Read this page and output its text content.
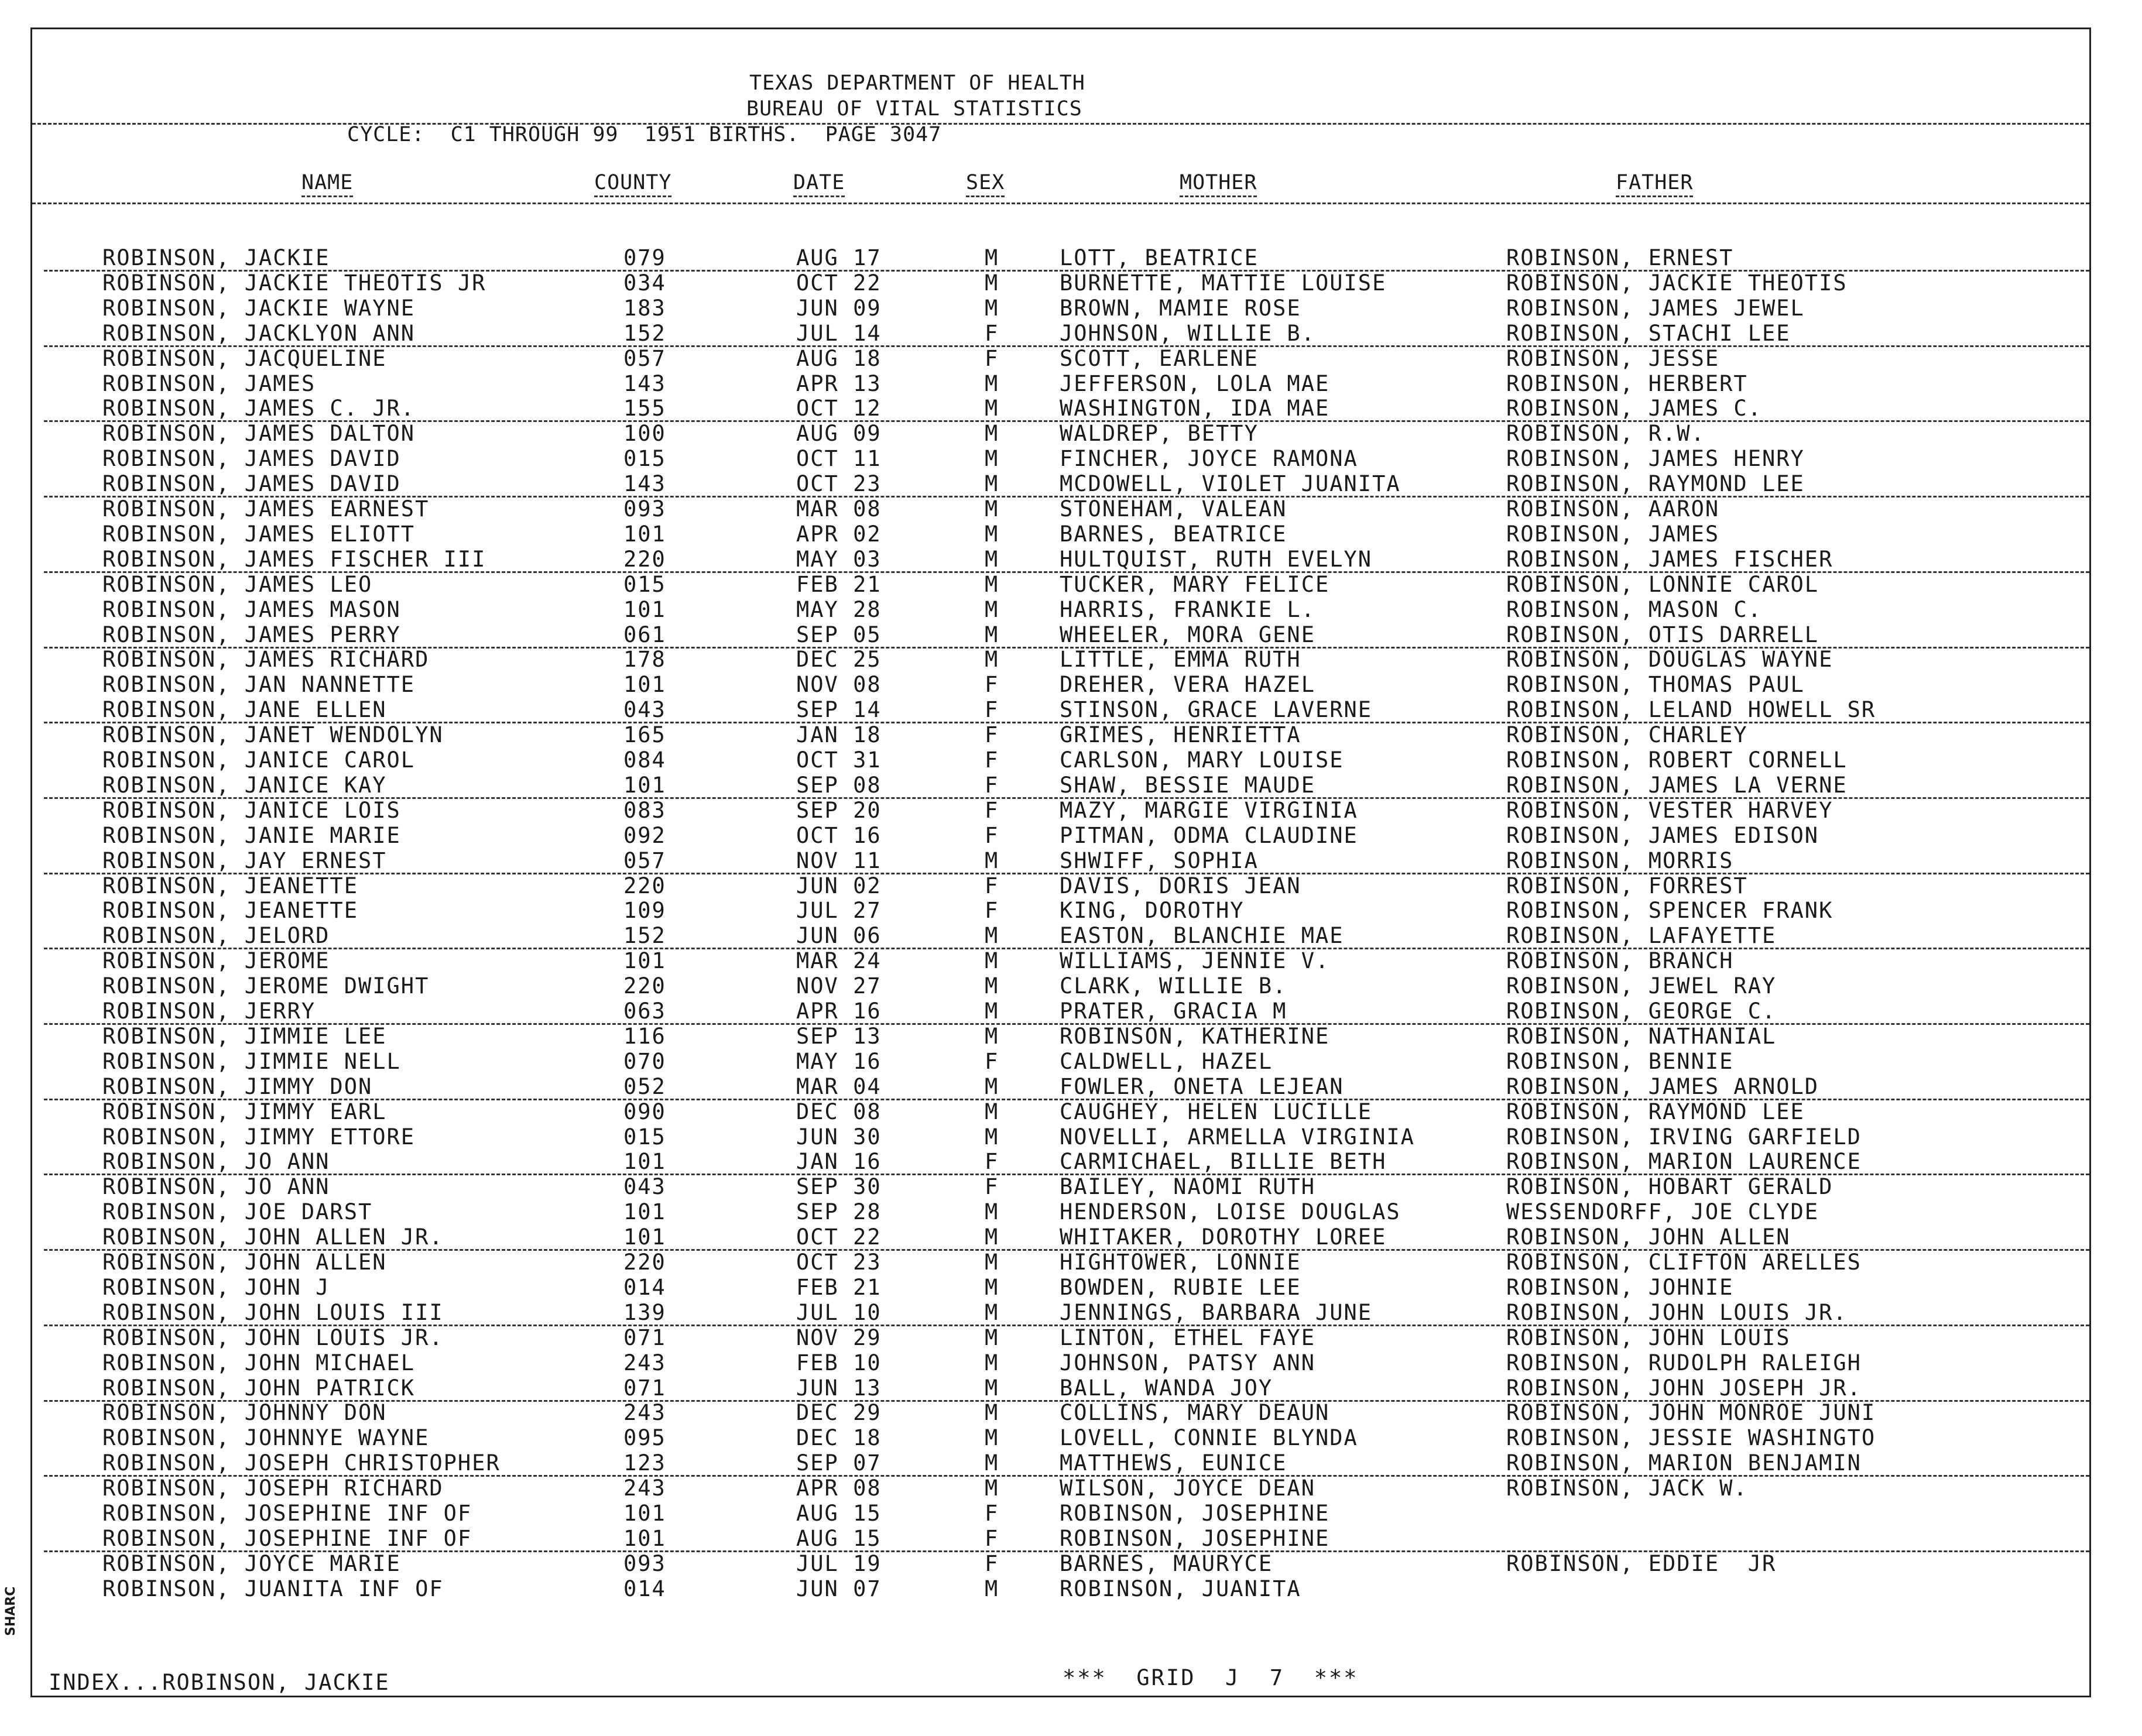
TEXAS DEPARTMENT OF HEALTH
BUREAU OF VITAL STATISTICS
CYCLE:  C1 THROUGH 99  1951 BIRTHS.  PAGE 3047
NAME	COUNTY	DATE	SEX	MOTHER	FATHER
ROBINSON, JACKIE	079	AUG 17	M	LOTT, BEATRICE	ROBINSON, ERNEST
ROBINSON, JACKIE THEOTIS JR	034	OCT 22	M	BURNETTE, MATTIE LOUISE	ROBINSON, JACKIE THEOTIS
ROBINSON, JACKIE WAYNE	183	JUN 09	M	BROWN, MAMIE ROSE	ROBINSON, JAMES JEWEL
ROBINSON, JACKLYON ANN	152	JUL 14	F	JOHNSON, WILLIE B.	ROBINSON, STACHI LEE
ROBINSON, JACQUELINE	057	AUG 18	F	SCOTT, EARLENE	ROBINSON, JESSE
ROBINSON, JAMES	143	APR 13	M	JEFFERSON, LOLA MAE	ROBINSON, HERBERT
ROBINSON, JAMES C. JR.	155	OCT 12	M	WASHINGTON, IDA MAE	ROBINSON, JAMES C.
ROBINSON, JAMES DALTON	100	AUG 09	M	WALDREP, BETTY	ROBINSON, R.W.
ROBINSON, JAMES DAVID	015	OCT 11	M	FINCHER, JOYCE RAMONA	ROBINSON, JAMES HENRY
ROBINSON, JAMES DAVID	143	OCT 23	M	MCDOWELL, VIOLET JUANITA	ROBINSON, RAYMOND LEE
ROBINSON, JAMES EARNEST	093	MAR 08	M	STONEHAM, VALEAN	ROBINSON, AARON
ROBINSON, JAMES ELIOTT	101	APR 02	M	BARNES, BEATRICE	ROBINSON, JAMES
ROBINSON, JAMES FISCHER III	220	MAY 03	M	HULTQUIST, RUTH EVELYN	ROBINSON, JAMES FISCHER
ROBINSON, JAMES LEO	015	FEB 21	M	TUCKER, MARY FELICE	ROBINSON, LONNIE CAROL
ROBINSON, JAMES MASON	101	MAY 28	M	HARRIS, FRANKIE L.	ROBINSON, MASON C.
ROBINSON, JAMES PERRY	061	SEP 05	M	WHEELER, MORA GENE	ROBINSON, OTIS DARRELL
ROBINSON, JAMES RICHARD	178	DEC 25	M	LITTLE, EMMA RUTH	ROBINSON, DOUGLAS WAYNE
ROBINSON, JAN NANNETTE	101	NOV 08	F	DREHER, VERA HAZEL	ROBINSON, THOMAS PAUL
ROBINSON, JANE ELLEN	043	SEP 14	F	STINSON, GRACE LAVERNE	ROBINSON, LELAND HOWELL SR
ROBINSON, JANET WENDOLYN	165	JAN 18	F	GRIMES, HENRIETTA	ROBINSON, CHARLEY
ROBINSON, JANICE CAROL	084	OCT 31	F	CARLSON, MARY LOUISE	ROBINSON, ROBERT CORNELL
ROBINSON, JANICE KAY	101	SEP 08	F	SHAW, BESSIE MAUDE	ROBINSON, JAMES LA VERNE
ROBINSON, JANICE LOIS	083	SEP 20	F	MAZY, MARGIE VIRGINIA	ROBINSON, VESTER HARVEY
ROBINSON, JANIE MARIE	092	OCT 16	F	PITMAN, ODMA CLAUDINE	ROBINSON, JAMES EDISON
ROBINSON, JAY ERNEST	057	NOV 11	M	SHWIFF, SOPHIA	ROBINSON, MORRIS
ROBINSON, JEANETTE	220	JUN 02	F	DAVIS, DORIS JEAN	ROBINSON, FORREST
ROBINSON, JEANETTE	109	JUL 27	F	KING, DOROTHY	ROBINSON, SPENCER FRANK
ROBINSON, JELORD	152	JUN 06	M	EASTON, BLANCHIE MAE	ROBINSON, LAFAYETTE
ROBINSON, JEROME	101	MAR 24	M	WILLIAMS, JENNIE V.	ROBINSON, BRANCH
ROBINSON, JEROME DWIGHT	220	NOV 27	M	CLARK, WILLIE B.	ROBINSON, JEWEL RAY
ROBINSON, JERRY	063	APR 16	M	PRATER, GRACIA M	ROBINSON, GEORGE C.
ROBINSON, JIMMIE LEE	116	SEP 13	M	ROBINSON, KATHERINE	ROBINSON, NATHANIAL
ROBINSON, JIMMIE NELL	070	MAY 16	F	CALDWELL, HAZEL	ROBINSON, BENNIE
ROBINSON, JIMMY DON	052	MAR 04	M	FOWLER, ONETA LEJEAN	ROBINSON, JAMES ARNOLD
ROBINSON, JIMMY EARL	090	DEC 08	M	CAUGHEY, HELEN LUCILLE	ROBINSON, RAYMOND LEE
ROBINSON, JIMMY ETTORE	015	JUN 30	M	NOVELLI, ARMELLA VIRGINIA	ROBINSON, IRVING GARFIELD
ROBINSON, JO ANN	101	JAN 16	F	CARMICHAEL, BILLIE BETH	ROBINSON, MARION LAURENCE
ROBINSON, JO ANN	043	SEP 30	F	BAILEY, NAOMI RUTH	ROBINSON, HOBART GERALD
ROBINSON, JOE DARST	101	SEP 28	M	HENDERSON, LOISE DOUGLAS	WESSENDORFF, JOE CLYDE
ROBINSON, JOHN ALLEN JR.	101	OCT 22	M	WHITAKER, DOROTHY LOREE	ROBINSON, JOHN ALLEN
ROBINSON, JOHN ALLEN	220	OCT 23	M	HIGHTOWER, LONNIE	ROBINSON, CLIFTON ARELLES
ROBINSON, JOHN J	014	FEB 21	M	BOWDEN, RUBIE LEE	ROBINSON, JOHNIE
ROBINSON, JOHN LOUIS III	139	JUL 10	M	JENNINGS, BARBARA JUNE	ROBINSON, JOHN LOUIS JR.
ROBINSON, JOHN LOUIS JR.	071	NOV 29	M	LINTON, ETHEL FAYE	ROBINSON, JOHN LOUIS
ROBINSON, JOHN MICHAEL	243	FEB 10	M	JOHNSON, PATSY ANN	ROBINSON, RUDOLPH RALEIGH
ROBINSON, JOHN PATRICK	071	JUN 13	M	BALL, WANDA JOY	ROBINSON, JOHN JOSEPH JR.
ROBINSON, JOHNNY DON	243	DEC 29	M	COLLINS, MARY DEAUN	ROBINSON, JOHN MONROE JUNI
ROBINSON, JOHNNYE WAYNE	095	DEC 18	M	LOVELL, CONNIE BLYNDA	ROBINSON, JESSIE WASHINGTO
ROBINSON, JOSEPH CHRISTOPHER	123	SEP 07	M	MATTHEWS, EUNICE	ROBINSON, MARION BENJAMIN
ROBINSON, JOSEPH RICHARD	243	APR 08	M	WILSON, JOYCE DEAN	ROBINSON, JACK W.
ROBINSON, JOSEPHINE INF OF	101	AUG 15	F	ROBINSON, JOSEPHINE
ROBINSON, JOSEPHINE INF OF	101	AUG 15	F	ROBINSON, JOSEPHINE
ROBINSON, JOYCE MARIE	093	JUL 19	F	BARNES, MAURYCE	ROBINSON, EDDIE  JR
ROBINSON, JUANITA INF OF	014	JUN 07	M	ROBINSON, JUANITA
INDEX...ROBINSON, JACKIE	***  GRID  J  7  ***
SHARC
